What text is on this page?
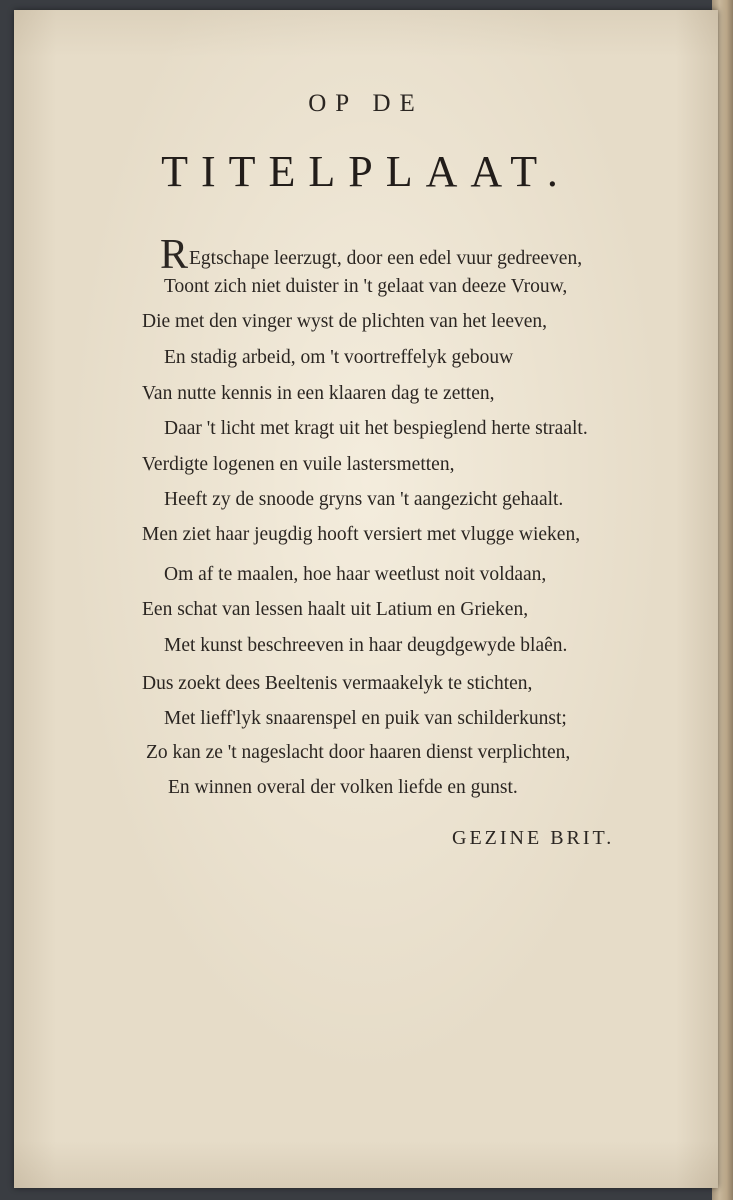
OP DE
TITELPLAAT.
REgtschape leerzugt, door een edel vuur gedreeven,
Toont zich niet duister in 't gelaat van deeze Vrouw,
Die met den vinger wyst de plichten van het leeven,
En stadig arbeid, om 't voortreffelyk gebouw
Van nutte kennis in een klaaren dag te zetten,
Daar 't licht met kragt uit het bespieglend herte straalt.
Verdigte logenen en vuile lastersmetten,
Heeft zy de snoode gryns van 't aangezicht gehaalt.
Men ziet haar jeugdig hooft versiert met vlugge wieken,
Om af te maalen, hoe haar weetlust noit voldaan,
Een schat van lessen haalt uit Latium en Grieken,
Met kunst beschreeven in haar deugdgewyde blaên.
Dus zoekt dees Beeltenis vermaakelyk te stichten,
Met lieff'lyk snaarenspel en puik van schilderkunst;
Zo kan ze 't nageslacht door haaren dienst verplichten,
En winnen overal der volken liefde en gunst.
GEZINE BRIT.
